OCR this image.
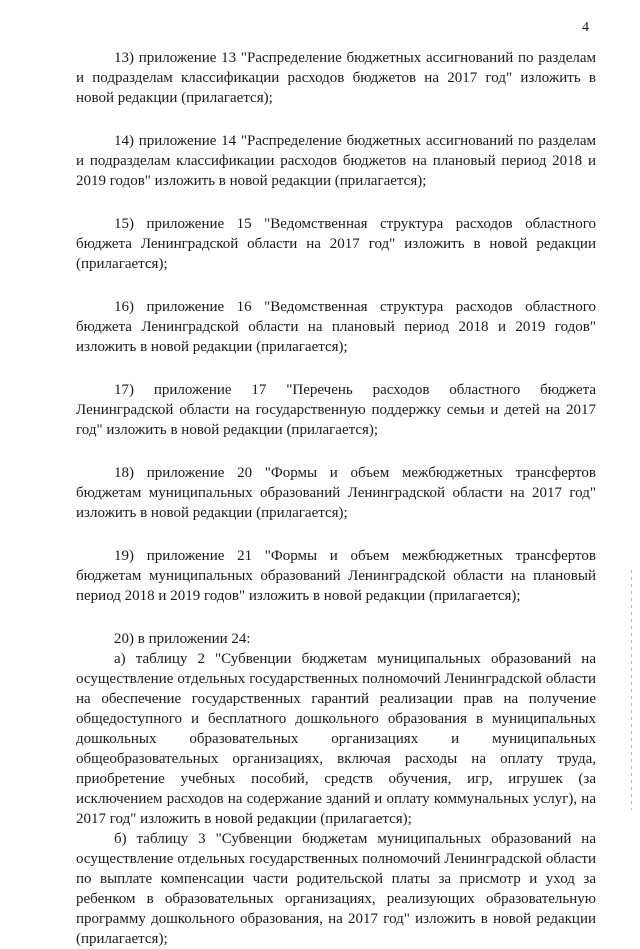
4

13) приложение 13 "Распределение бюджетных ассигнований по разделам и подразделам классификации расходов бюджетов на 2017 год" изложить в новой редакции (прилагается);

14) приложение 14 "Распределение бюджетных ассигнований по разделам и подразделам классификации расходов бюджетов на плановый период 2018 и 2019 годов" изложить в новой редакции (прилагается);

15) приложение 15 "Ведомственная структура расходов областного бюджета Ленинградской области на 2017 год" изложить в новой редакции (прилагается);

16) приложение 16 "Ведомственная структура расходов областного бюджета Ленинградской области на плановый период 2018 и 2019 годов" изложить в новой редакции (прилагается);

17) приложение 17 "Перечень расходов областного бюджета Ленинградской области на государственную поддержку семьи и детей на 2017 год" изложить в новой редакции (прилагается);

18) приложение 20 "Формы и объем межбюджетных трансфертов бюджетам муниципальных образований Ленинградской области на 2017 год" изложить в новой редакции (прилагается);

19) приложение 21 "Формы и объем межбюджетных трансфертов бюджетам муниципальных образований Ленинградской области на плановый период 2018 и 2019 годов" изложить в новой редакции (прилагается);

20) в приложении 24:

а) таблицу 2 "Субвенции бюджетам муниципальных образований на осуществление отдельных государственных полномочий Ленинградской области на обеспечение государственных гарантий реализации прав на получение общедоступного и бесплатного дошкольного образования в муниципальных дошкольных образовательных организациях и муниципальных общеобразовательных организациях, включая расходы на оплату труда, приобретение учебных пособий, средств обучения, игр, игрушек (за исключением расходов на содержание зданий и оплату коммунальных услуг), на 2017 год" изложить в новой редакции (прилагается);

б) таблицу 3 "Субвенции бюджетам муниципальных образований на осуществление отдельных государственных полномочий Ленинградской области по выплате компенсации части родительской платы за присмотр и уход за ребенком в образовательных организациях, реализующих образовательную программу дошкольного образования, на 2017 год" изложить в новой редакции (прилагается);
